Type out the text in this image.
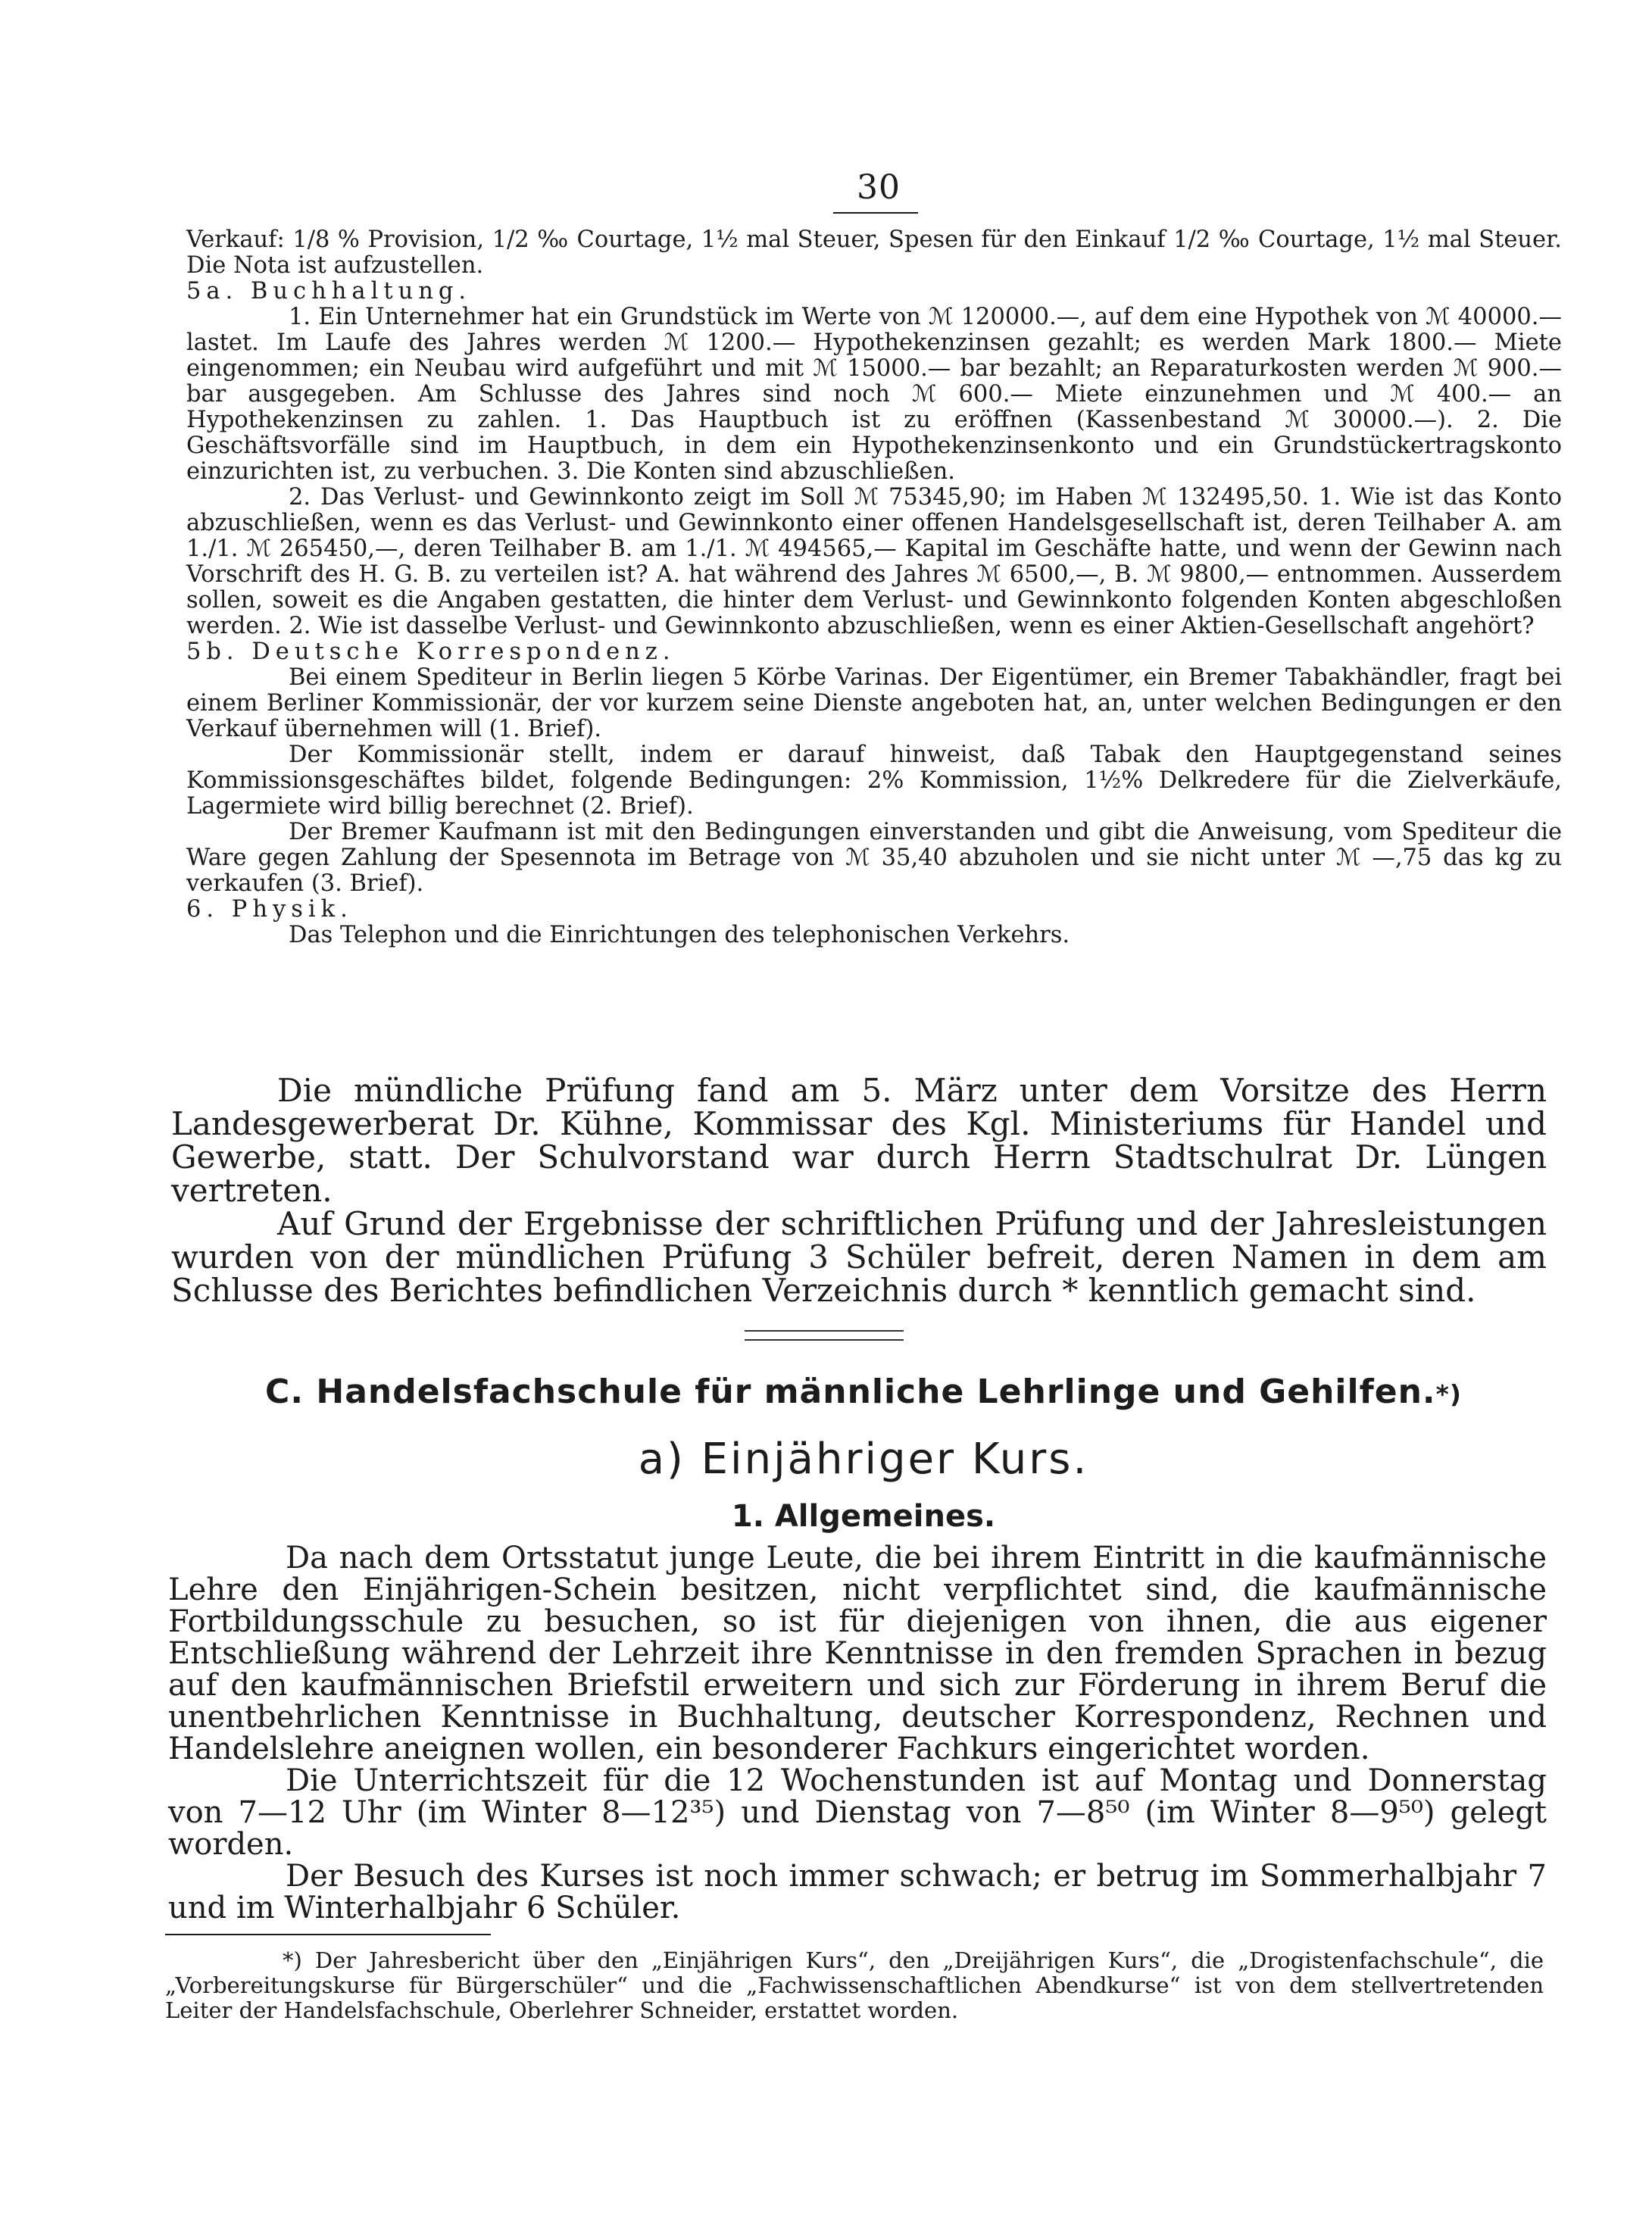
30

Verkauf: 1/8 % Provision, 1/2 ‰ Courtage, 1½ mal Steuer, Spesen für den Einkauf 1/2 ‰ Courtage, 1½ mal Steuer. Die Nota ist aufzustellen.

5a. Buchhaltung.

1. Ein Unternehmer hat ein Grundstück im Werte von ℳ 120000.—, auf dem eine Hypothek von ℳ 40000.— lastet. Im Laufe des Jahres werden ℳ 1200.— Hypothekenzinsen gezahlt; es werden Mark 1800.— Miete eingenommen; ein Neubau wird aufgeführt und mit ℳ 15000.— bar bezahlt; an Reparaturkosten werden ℳ 900.— bar ausgegeben. Am Schlusse des Jahres sind noch ℳ 600.— Miete einzunehmen und ℳ 400.— an Hypothekenzinsen zu zahlen. 1. Das Hauptbuch ist zu eröffnen (Kassenbestand ℳ 30000.—). 2. Die Geschäftsvorfälle sind im Hauptbuch, in dem ein Hypothekenzinsenkonto und ein Grundstückertragskonto einzurichten ist, zu verbuchen. 3. Die Konten sind abzuschließen.

2. Das Verlust- und Gewinnkonto zeigt im Soll ℳ 75345,90; im Haben ℳ 132495,50. 1. Wie ist das Konto abzuschließen, wenn es das Verlust- und Gewinnkonto einer offenen Handelsgesellschaft ist, deren Teilhaber A. am 1./1. ℳ 265450,—, deren Teilhaber B. am 1./1. ℳ 494565,— Kapital im Geschäfte hatte, und wenn der Gewinn nach Vorschrift des H. G. B. zu verteilen ist? A. hat während des Jahres ℳ 6500,—, B. ℳ 9800,— entnommen. Ausserdem sollen, soweit es die Angaben gestatten, die hinter dem Verlust- und Gewinnkonto folgenden Konten abgeschloßen werden. 2. Wie ist dasselbe Verlust- und Gewinnkonto abzuschließen, wenn es einer Aktien-Gesellschaft angehört?

5b. Deutsche Korrespondenz.

Bei einem Spediteur in Berlin liegen 5 Körbe Varinas. Der Eigentümer, ein Bremer Tabakhändler, fragt bei einem Berliner Kommissionär, der vor kurzem seine Dienste angeboten hat, an, unter welchen Bedingungen er den Verkauf übernehmen will (1. Brief).

Der Kommissionär stellt, indem er darauf hinweist, daß Tabak den Hauptgegenstand seines Kommissionsgeschäftes bildet, folgende Bedingungen: 2% Kommission, 1½% Delkredere für die Zielverkäufe, Lagermiete wird billig berechnet (2. Brief).

Der Bremer Kaufmann ist mit den Bedingungen einverstanden und gibt die Anweisung, vom Spediteur die Ware gegen Zahlung der Spesennota im Betrage von ℳ 35,40 abzuholen und sie nicht unter ℳ —,75 das kg zu verkaufen (3. Brief).

6. Physik.

Das Telephon und die Einrichtungen des telephonischen Verkehrs.

Die mündliche Prüfung fand am 5. März unter dem Vorsitze des Herrn Landesgewerberat Dr. Kühne, Kommissar des Kgl. Ministeriums für Handel und Gewerbe, statt. Der Schulvorstand war durch Herrn Stadtschulrat Dr. Lüngen vertreten.

Auf Grund der Ergebnisse der schriftlichen Prüfung und der Jahresleistungen wurden von der mündlichen Prüfung 3 Schüler befreit, deren Namen in dem am Schlusse des Berichtes befindlichen Verzeichnis durch * kenntlich gemacht sind.

C. Handelsfachschule für männliche Lehrlinge und Gehilfen.*)
a) Einjähriger Kurs.
1. Allgemeines.

Da nach dem Ortsstatut junge Leute, die bei ihrem Eintritt in die kaufmännische Lehre den Einjährigen-Schein besitzen, nicht verpflichtet sind, die kaufmännische Fortbildungsschule zu besuchen, so ist für diejenigen von ihnen, die aus eigener Entschließung während der Lehrzeit ihre Kenntnisse in den fremden Sprachen in bezug auf den kaufmännischen Briefstil erweitern und sich zur Förderung in ihrem Beruf die unentbehrlichen Kenntnisse in Buchhaltung, deutscher Korrespondenz, Rechnen und Handelslehre aneignen wollen, ein besonderer Fachkurs eingerichtet worden.

Die Unterrichtszeit für die 12 Wochenstunden ist auf Montag und Donnerstag von 7—12 Uhr (im Winter 8—12³⁵) und Dienstag von 7—8⁵⁰ (im Winter 8—9⁵⁰) gelegt worden.

Der Besuch des Kurses ist noch immer schwach; er betrug im Sommerhalbjahr 7 und im Winterhalbjahr 6 Schüler.

*) Der Jahresbericht über den „Einjährigen Kurs“, den „Dreijährigen Kurs“, die „Drogistenfachschule“, die „Vorbereitungskurse für Bürgerschüler“ und die „Fachwissenschaftlichen Abendkurse“ ist von dem stellvertretenden Leiter der Handelsfachschule, Oberlehrer Schneider, erstattet worden.
